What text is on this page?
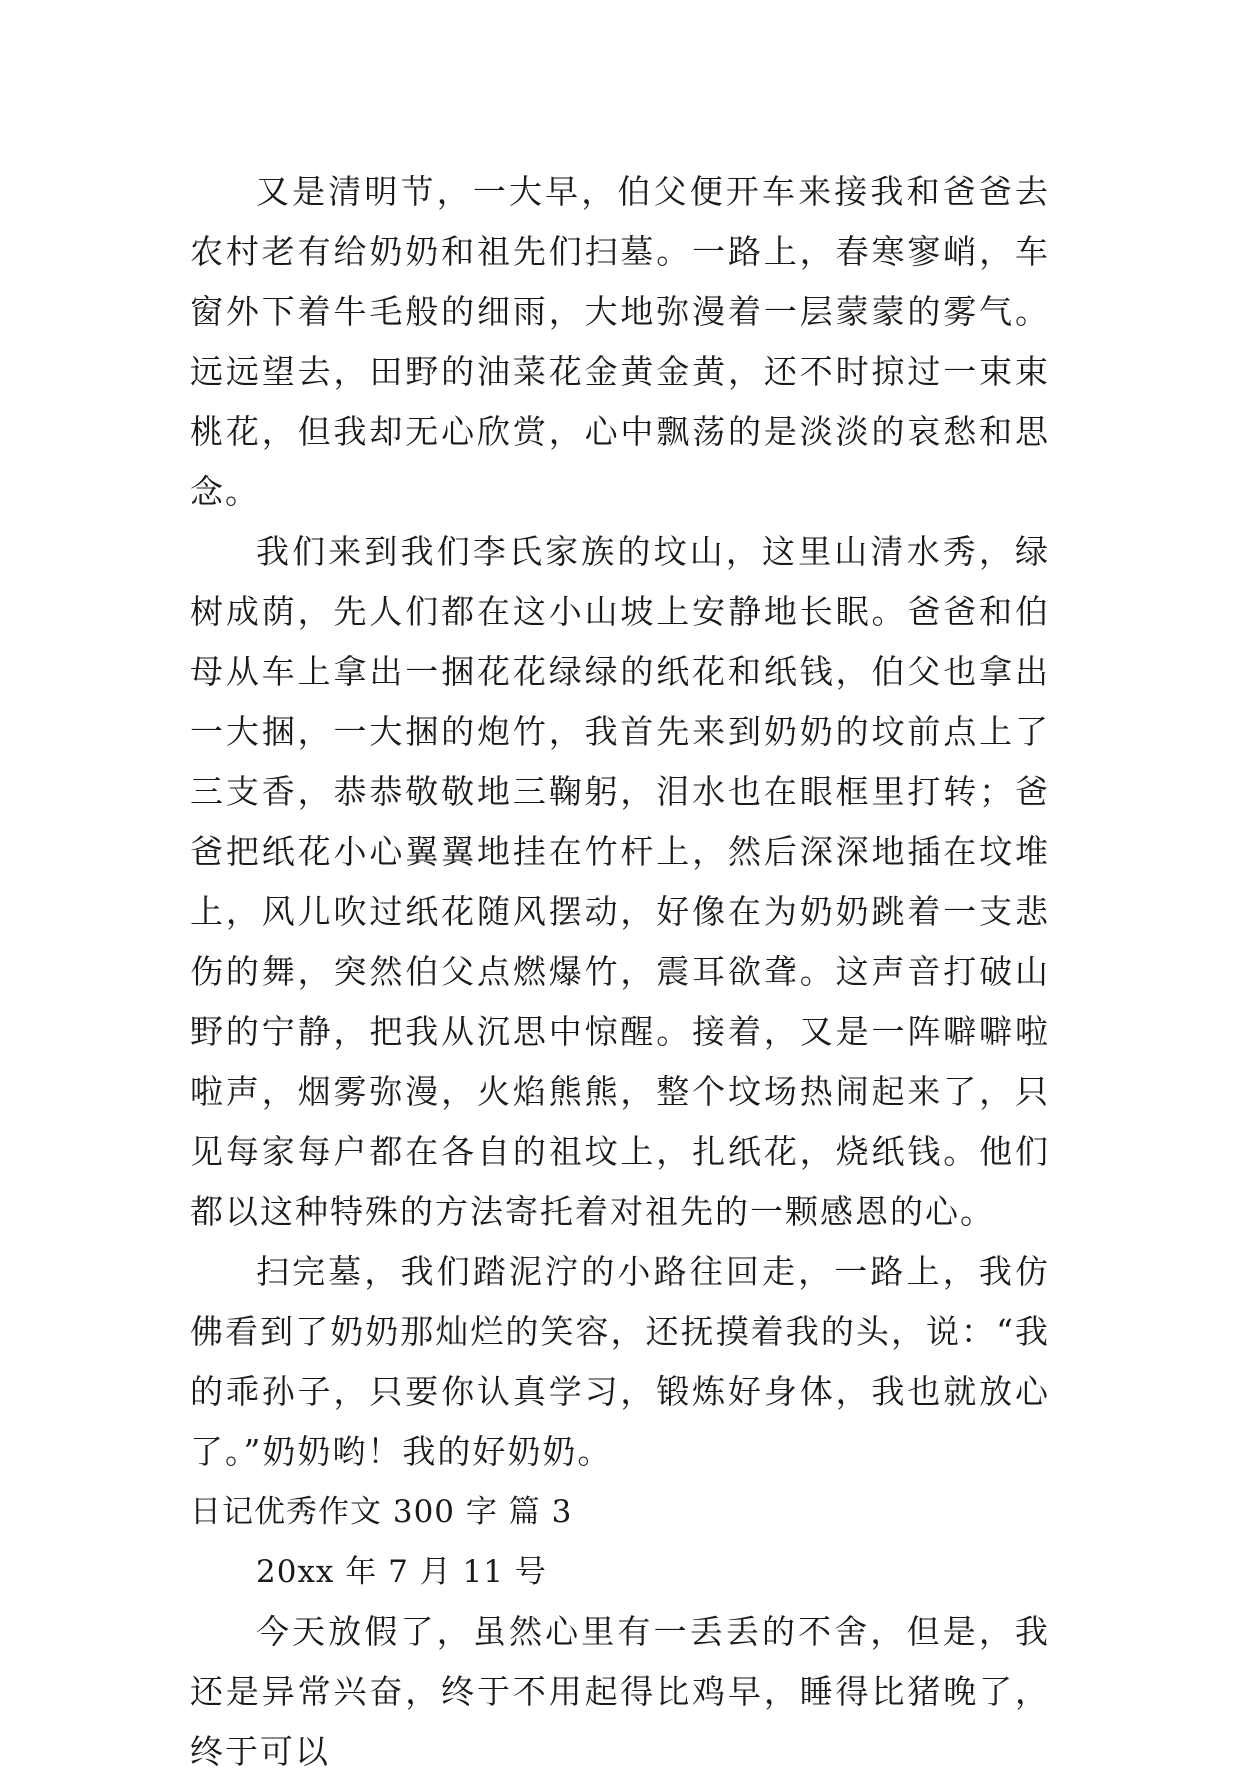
又是清明节，一大早，伯父便开车来接我和爸爸去农村老有给奶奶和祖先们扫墓。一路上，春寒寥峭，车窗外下着牛毛般的细雨，大地弥漫着一层蒙蒙的雾气。远远望去，田野的油菜花金黄金黄，还不时掠过一束束桃花，但我却无心欣赏，心中飘荡的是淡淡的哀愁和思念。

我们来到我们李氏家族的坟山，这里山清水秀，绿树成荫，先人们都在这小山坡上安静地长眠。爸爸和伯母从车上拿出一捆花花绿绿的纸花和纸钱，伯父也拿出一大捆，一大捆的炮竹，我首先来到奶奶的坟前点上了三支香，恭恭敬敬地三鞠躬，泪水也在眼框里打转；爸爸把纸花小心翼翼地挂在竹杆上，然后深深地插在坟堆上，风儿吹过纸花随风摆动，好像在为奶奶跳着一支悲伤的舞，突然伯父点燃爆竹，震耳欲聋。这声音打破山野的宁静，把我从沉思中惊醒。接着，又是一阵噼噼啦啦声，烟雾弥漫，火焰熊熊，整个坟场热闹起来了，只见每家每户都在各自的祖坟上，扎纸花，烧纸钱。他们都以这种特殊的方法寄托着对祖先的一颗感恩的心。

扫完墓，我们踏泥泞的小路往回走，一路上，我仿佛看到了奶奶那灿烂的笑容，还抚摸着我的头，说：“我的乖孙子，只要你认真学习，锻炼好身体，我也就放心了。”奶奶哟！我的好奶奶。

日记优秀作文 300 字 篇 3

20xx 年 7 月 11 号

今天放假了，虽然心里有一丢丢的不舍，但是，我还是异常兴奋，终于不用起得比鸡早，睡得比猪晚了，终于可以
